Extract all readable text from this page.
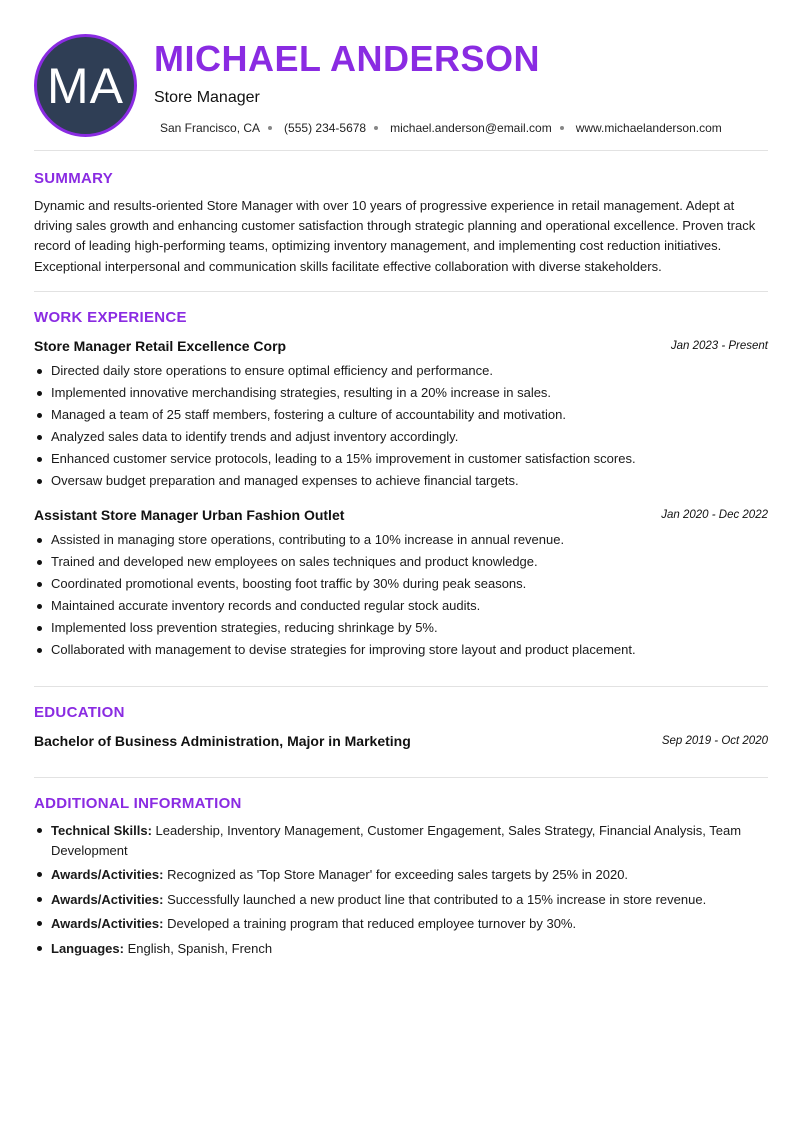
MA MICHAEL ANDERSON
Store Manager
San Francisco, CA (555) 234-5678 michael.anderson@email.com www.michaelanderson.com
SUMMARY

Dynamic and results-oriented Store Manager with over 10 years of progressive experience in retail management. Adept at driving sales growth and enhancing customer satisfaction through strategic planning and operational excellence. Proven track record of leading high-performing teams, optimizing inventory management, and implementing cost reduction initiatives. Exceptional interpersonal and communication skills facilitate effective collaboration with diverse stakeholders.

WORK EXPERIENCE
Store Manager Retail Excellence Corp	Jan 2023 - Present
Directed daily store operations to ensure optimal efficiency and performance.
Implemented innovative merchandising strategies, resulting in a 20% increase in sales.
Managed a team of 25 staff members, fostering a culture of accountability and motivation.
Analyzed sales data to identify trends and adjust inventory accordingly.
Enhanced customer service protocols, leading to a 15% improvement in customer satisfaction scores.
Oversaw budget preparation and managed expenses to achieve financial targets.
Assistant Store Manager Urban Fashion Outlet	Jan 2020 - Dec 2022
Assisted in managing store operations, contributing to a 10% increase in annual revenue.
Trained and developed new employees on sales techniques and product knowledge.
Coordinated promotional events, boosting foot traffic by 30% during peak seasons.
Maintained accurate inventory records and conducted regular stock audits.
Implemented loss prevention strategies, reducing shrinkage by 5%.
Collaborated with management to devise strategies for improving store layout and product placement.
EDUCATION
Bachelor of Business Administration, Major in Marketing	Sep 2019 - Oct 2020
ADDITIONAL INFORMATION
Technical Skills: Leadership, Inventory Management, Customer Engagement, Sales Strategy, Financial Analysis, Team Development
Awards/Activities: Recognized as 'Top Store Manager' for exceeding sales targets by 25% in 2020.
Awards/Activities: Successfully launched a new product line that contributed to a 15% increase in store revenue.
Awards/Activities: Developed a training program that reduced employee turnover by 30%.
Languages: English, Spanish, French
